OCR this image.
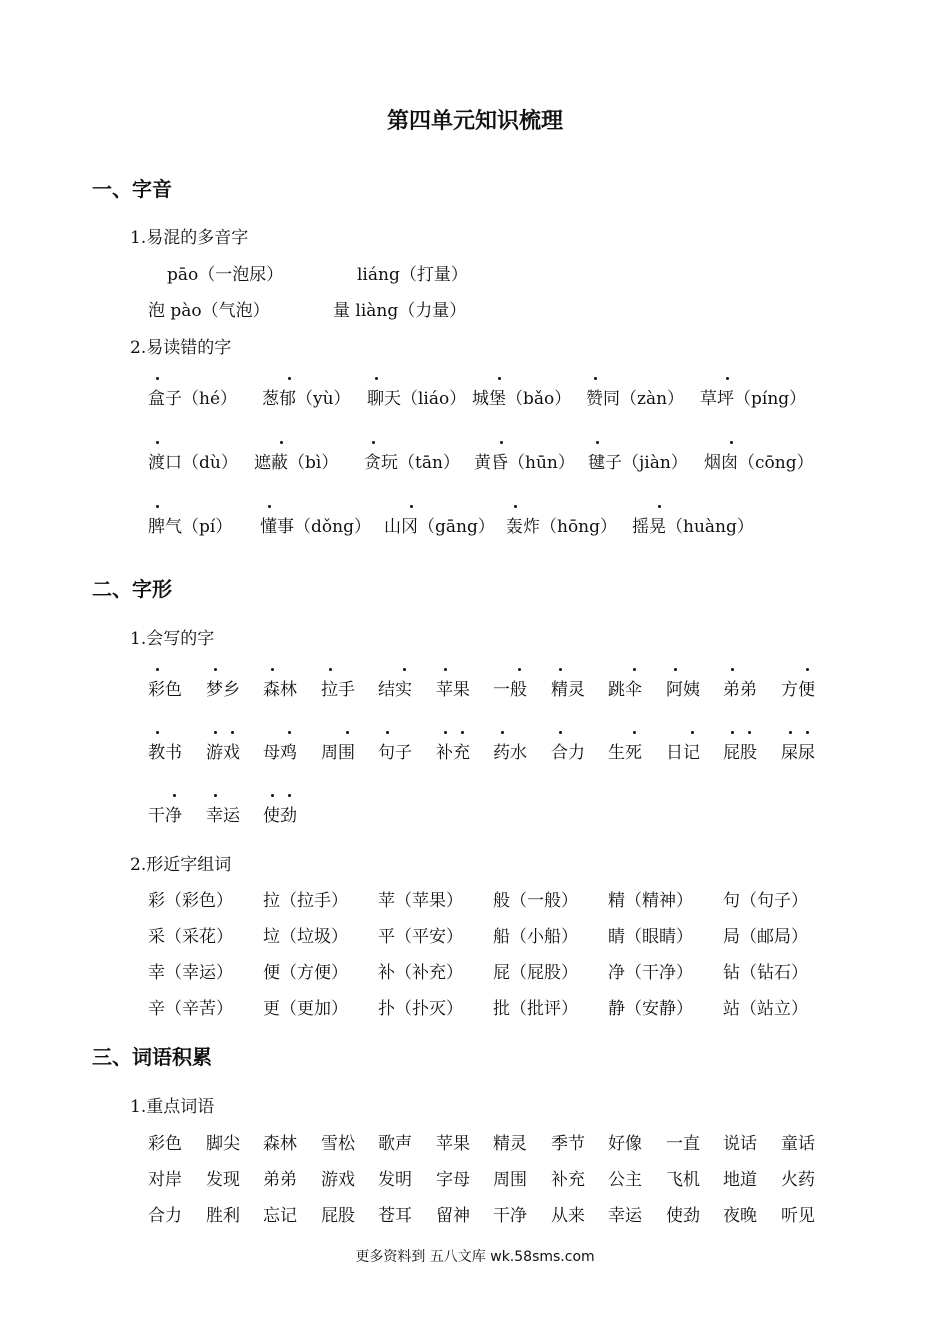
第四单元知识梳理
一、字音
1.易混的多音字
pāo（一泡尿）	liáng（打量）
泡 pào（气泡）	量 liàng（力量）
2.易读错的字
盒子（hé） 葱郁（yù） 聊天（liáo） 城堡（bǎo） 赞同（zàn） 草坪（píng）
渡口（dù） 遮蔽（bì） 贪玩（tān） 黄昏（hūn） 毽子（jiàn） 烟囱（cōng）
脾气（pí） 懂事（dǒng） 山冈（gāng） 轰炸（hōng） 摇晃（huàng）
二、字形
1.会写的字
彩色 梦乡 森林 拉手 结实 苹果 一般 精灵 跳伞 阿姨 弟弟 方便
教书 游戏 母鸡 周围 句子 补充 药水 合力 生死 日记 屁股 屎尿
干净 幸运 使劲
2.形近字组词
彩（彩色） 拉（拉手） 苹（苹果） 般（一般） 精（精神） 句（句子）
采（采花） 垃（垃圾） 平（平安） 船（小船） 睛（眼睛） 局（邮局）
幸（幸运） 便（方便） 补（补充） 屁（屁股） 净（干净） 钻（钻石）
辛（辛苦） 更（更加） 扑（扑灭） 批（批评） 静（安静） 站（站立）
三、词语积累
1.重点词语
彩色 脚尖 森林 雪松 歌声 苹果 精灵 季节 好像 一直 说话 童话
对岸 发现 弟弟 游戏 发明 字母 周围 补充 公主 飞机 地道 火药
合力 胜利 忘记 屁股 苍耳 留神 干净 从来 幸运 使劲 夜晚 听见
更多资料到 五八文库 wk.58sms.com
